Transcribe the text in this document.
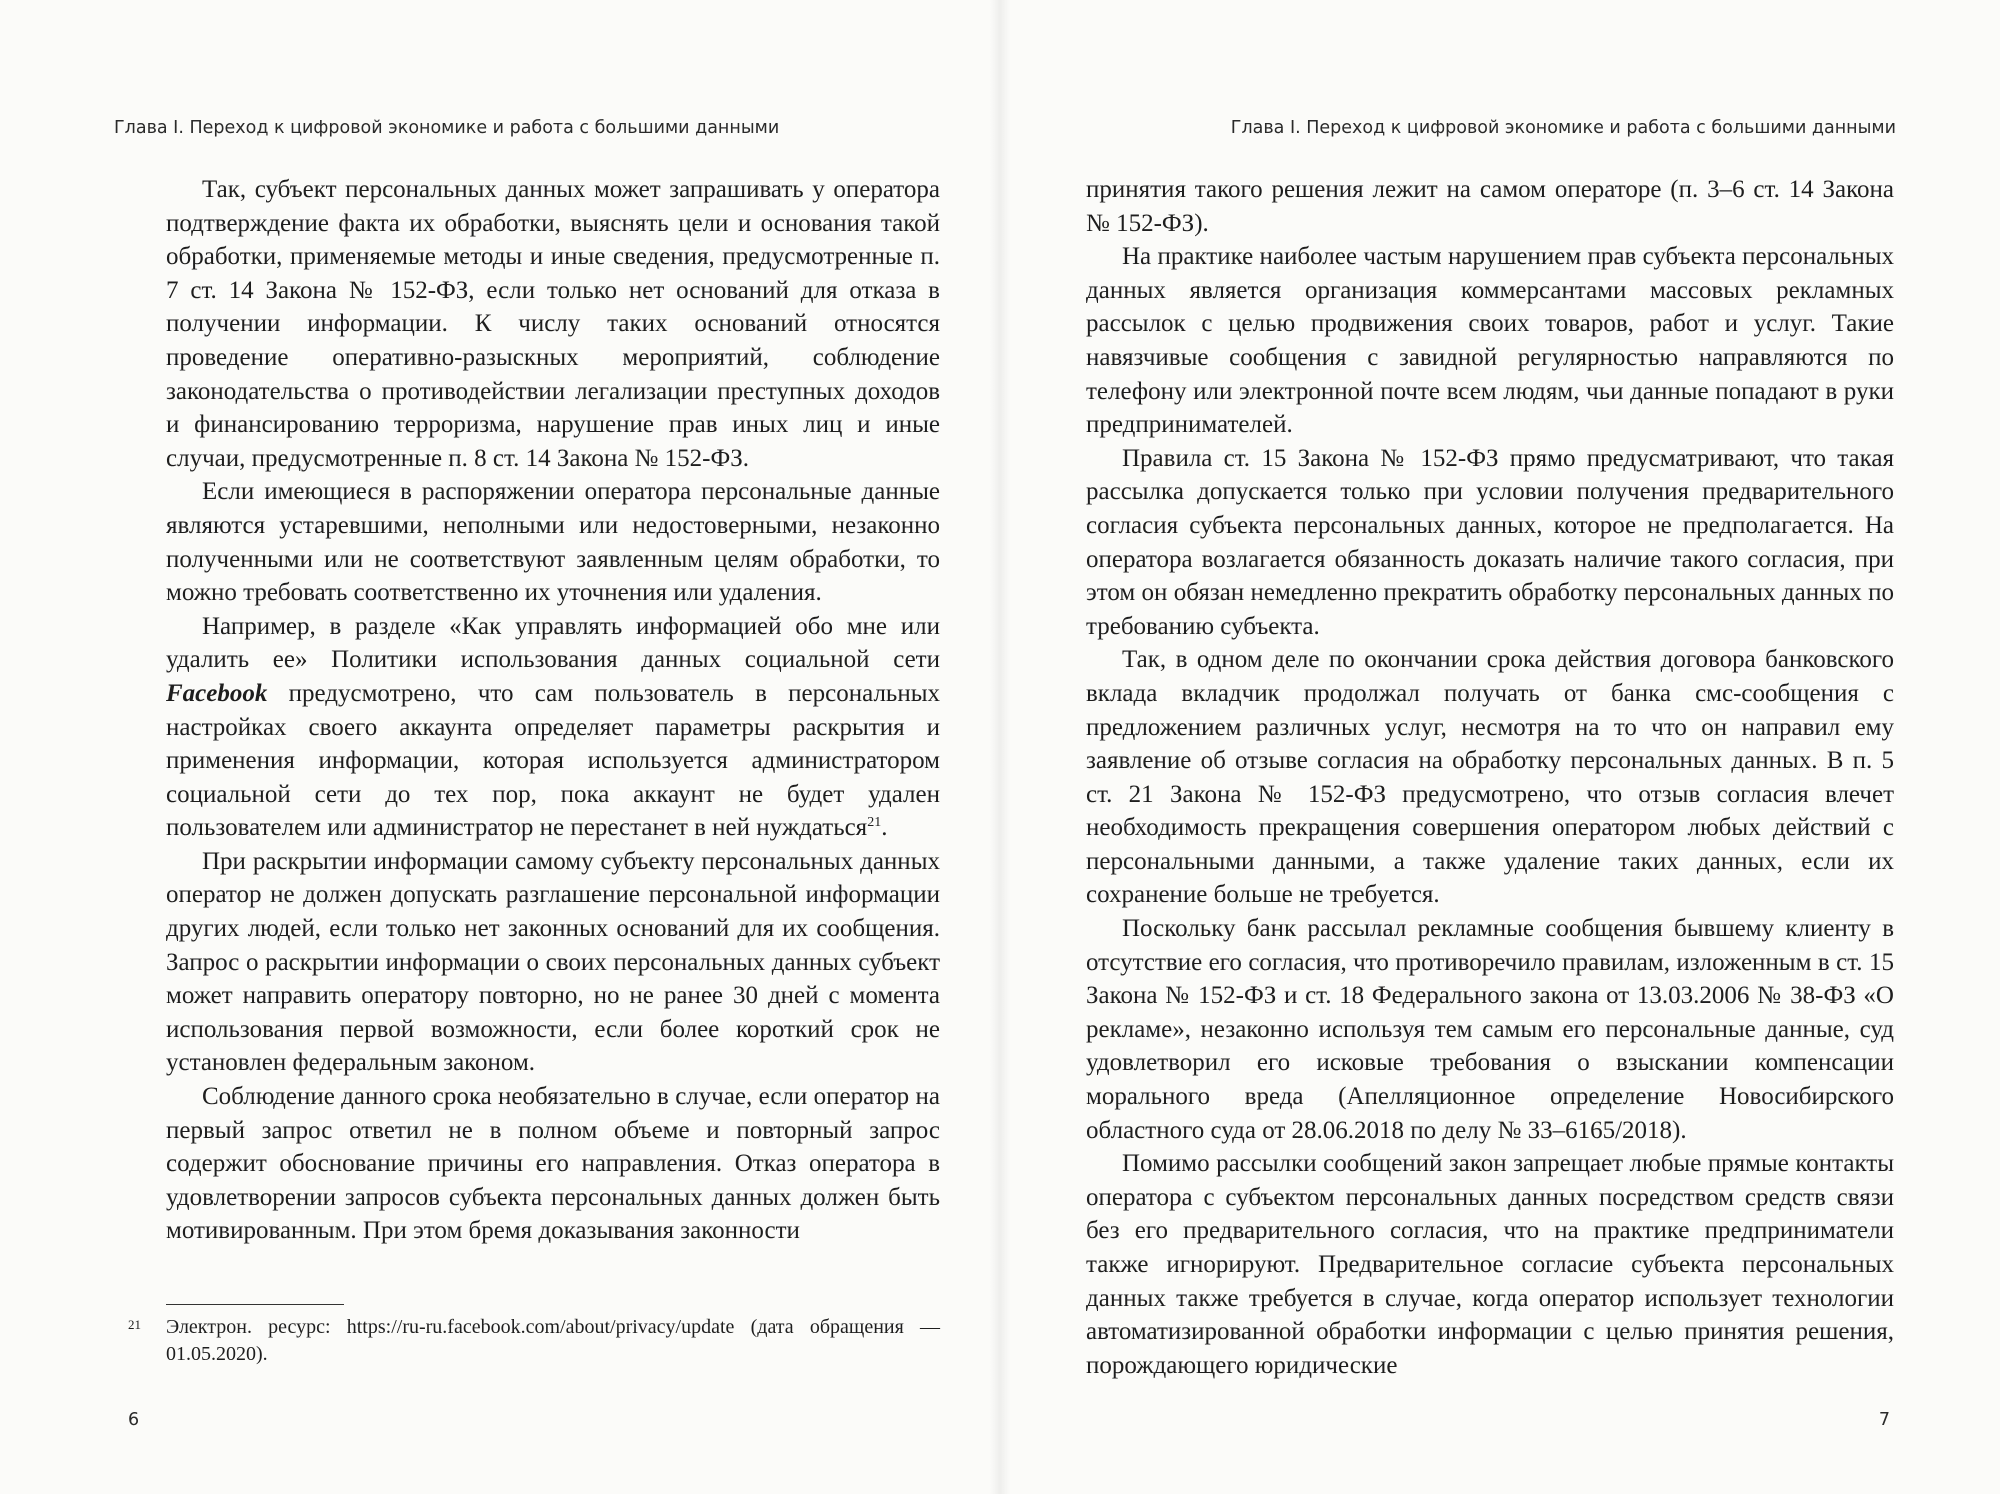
Глава I. Переход к цифровой экономике и работа с большими данными

Так, субъект персональных данных может запрашивать у оператора подтверждение факта их обработки, выяснять цели и основания такой обработки, применяемые методы и иные сведения, предусмотренные п. 7 ст. 14 Закона № 152-ФЗ, если только нет оснований для отказа в получении информации. К числу таких оснований относятся проведение оперативно-разыскных мероприятий, соблюдение законодательства о противодействии легализации преступных доходов и финансированию терроризма, нарушение прав иных лиц и иные случаи, предусмотренные п. 8 ст. 14 Закона № 152-ФЗ.

Если имеющиеся в распоряжении оператора персональные данные являются устаревшими, неполными или недостоверными, незаконно полученными или не соответствуют заявленным целям обработки, то можно требовать соответственно их уточнения или удаления.

Например, в разделе «Как управлять информацией обо мне или удалить ее» Политики использования данных социальной сети Facebook предусмотрено, что сам пользователь в персональных настройках своего аккаунта определяет параметры раскрытия и применения информации, которая используется администратором социальной сети до тех пор, пока аккаунт не будет удален пользователем или администратор не перестанет в ней нуждаться$^{21}$.

При раскрытии информации самому субъекту персональных данных оператор не должен допускать разглашение персональной информации других людей, если только нет законных оснований для их сообщения. Запрос о раскрытии информации о своих персональных данных субъект может направить оператору повторно, но не ранее 30 дней с момента использования первой возможности, если более короткий срок не установлен федеральным законом.

Соблюдение данного срока необязательно в случае, если оператор на первый запрос ответил не в полном объеме и повторный запрос содержит обоснование причины его направления. Отказ оператора в удовлетворении запросов субъекта персональных данных должен быть мотивированным. При этом бремя доказывания законности

21 Электрон. ресурс: https://ru-ru.facebook.com/about/privacy/update (дата обращения — 01.05.2020).
6
Глава I. Переход к цифровой экономике и работа с большими данными

принятия такого решения лежит на самом операторе (п. 3–6 ст. 14 Закона № 152-ФЗ).

На практике наиболее частым нарушением прав субъекта персональных данных является организация коммерсантами массовых рекламных рассылок с целью продвижения своих товаров, работ и услуг. Такие навязчивые сообщения с завидной регулярностью направляются по телефону или электронной почте всем людям, чьи данные попадают в руки предпринимателей.

Правила ст. 15 Закона № 152-ФЗ прямо предусматривают, что такая рассылка допускается только при условии получения предварительного согласия субъекта персональных данных, которое не предполагается. На оператора возлагается обязанность доказать наличие такого согласия, при этом он обязан немедленно прекратить обработку персональных данных по требованию субъекта.

Так, в одном деле по окончании срока действия договора банковского вклада вкладчик продолжал получать от банка смс-сообщения с предложением различных услуг, несмотря на то что он направил ему заявление об отзыве согласия на обработку персональных данных. В п. 5 ст. 21 Закона № 152-ФЗ предусмотрено, что отзыв согласия влечет необходимость прекращения совершения оператором любых действий с персональными данными, а также удаление таких данных, если их сохранение больше не требуется.

Поскольку банк рассылал рекламные сообщения бывшему клиенту в отсутствие его согласия, что противоречило правилам, изложенным в ст. 15 Закона № 152-ФЗ и ст. 18 Федерального закона от 13.03.2006 № 38-ФЗ «О рекламе», незаконно используя тем самым его персональные данные, суд удовлетворил его исковые требования о взыскании компенсации морального вреда (Апелляционное определение Новосибирского областного суда от 28.06.2018 по делу № 33–6165/2018).

Помимо рассылки сообщений закон запрещает любые прямые контакты оператора с субъектом персональных данных посредством средств связи без его предварительного согласия, что на практике предприниматели также игнорируют. Предварительное согласие субъекта персональных данных также требуется в случае, когда оператор использует технологии автоматизированной обработки информации с целью принятия решения, порождающего юридические

7
